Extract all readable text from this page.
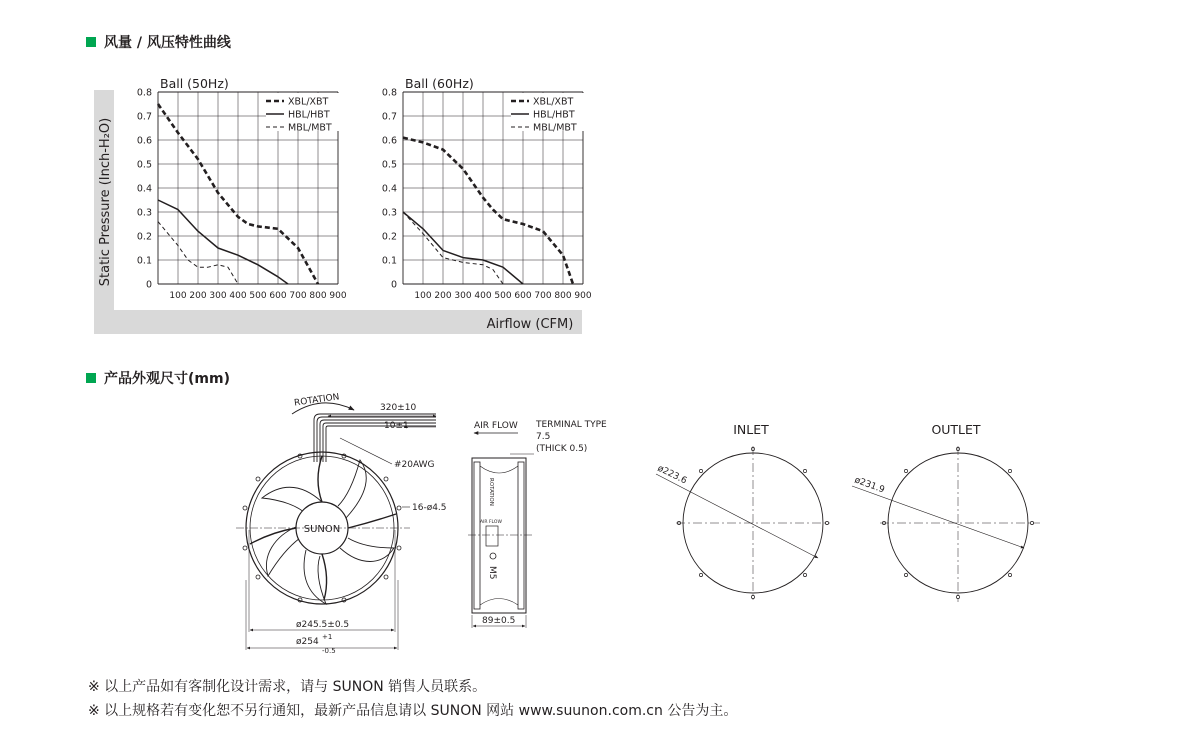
风量 / 风压特性曲线
Static Pressure (Inch-H₂O)
Airflow (CFM)
Ball (50Hz)
0
0.1
0.2
0.3
0.4
0.5
0.6
0.7
0.8
100 200 300 400 500 600 700 800 900
XBL/XBT
HBL/HBT
MBL/MBT
Ball (60Hz)
0
0.1
0.2
0.3
0.4
0.5
0.6
0.7
0.8
100 200 300 400 500 600 700 800 900
XBL/XBT
HBL/HBT
MBL/MBT
产品外观尺寸(mm)
ROTATION	320±10
10±1
#20AWG
16-ø4.5
SUNON
ø245.5±0.5
ø254 +1
-0.5
AIR FLOW TERMINAL TYPE
7.5
(THICK 0.5)
ROTATION
AIR FLOW
M5
89±0.5
INLET
ø223.6
OUTLET
ø231.9
※ 以上产品如有客制化设计需求，请与 SUNON 销售人员联系。
※ 以上规格若有变化恕不另行通知，最新产品信息请以 SUNON 网站 www.suunon.com.cn 公告为主。
